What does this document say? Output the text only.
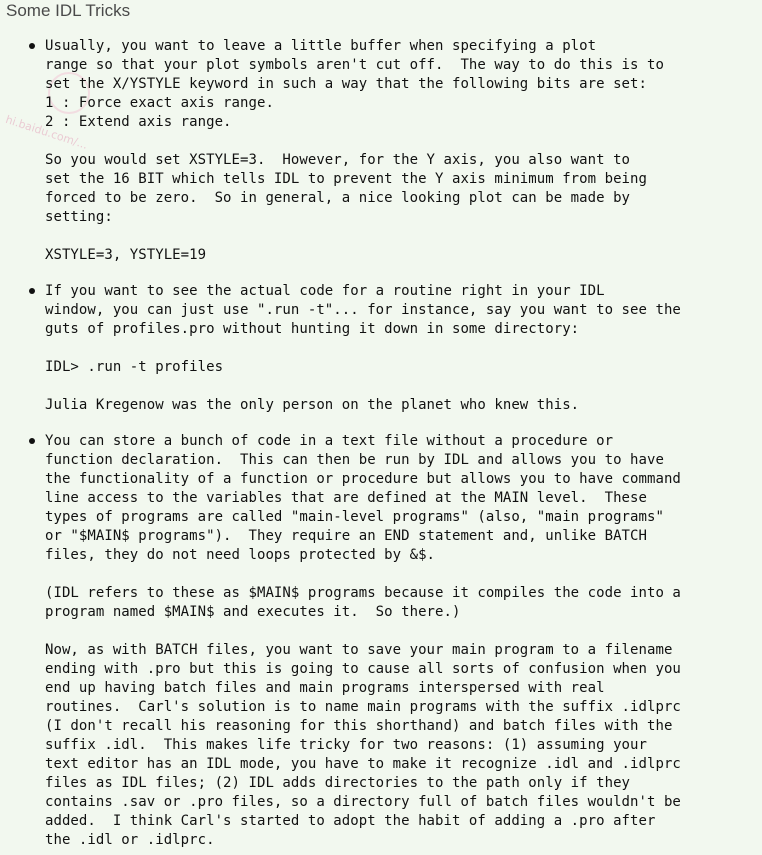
Some IDL Tricks
hi.baidu.com/...

Usually, you want to leave a little buffer when specifying a plot
range so that your plot symbols aren't cut off.  The way to do this is to
set the X/YSTYLE keyword in such a way that the following bits are set:
1 : Force exact axis range.
2 : Extend axis range.

So you would set XSTYLE=3.  However, for the Y axis, you also want to
set the 16 BIT which tells IDL to prevent the Y axis minimum from being
forced to be zero.  So in general, a nice looking plot can be made by
setting:

XSTYLE=3, YSTYLE=19

If you want to see the actual code for a routine right in your IDL
window, you can just use ".run -t"... for instance, say you want to see the
guts of profiles.pro without hunting it down in some directory:

IDL> .run -t profiles

Julia Kregenow was the only person on the planet who knew this.

You can store a bunch of code in a text file without a procedure or
function declaration.  This can then be run by IDL and allows you to have
the functionality of a function or procedure but allows you to have command
line access to the variables that are defined at the MAIN level.  These
types of programs are called "main-level programs" (also, "main programs"
or "$MAIN$ programs").  They require an END statement and, unlike BATCH
files, they do not need loops protected by &$.

(IDL refers to these as $MAIN$ programs because it compiles the code into a
program named $MAIN$ and executes it.  So there.)

Now, as with BATCH files, you want to save your main program to a filename
ending with .pro but this is going to cause all sorts of confusion when you
end up having batch files and main programs interspersed with real
routines.  Carl's solution is to name main programs with the suffix .idlprc
(I don't recall his reasoning for this shorthand) and batch files with the
suffix .idl.  This makes life tricky for two reasons: (1) assuming your
text editor has an IDL mode, you have to make it recognize .idl and .idlprc
files as IDL files; (2) IDL adds directories to the path only if they
contains .sav or .pro files, so a directory full of batch files wouldn't be
added.  I think Carl's started to adopt the habit of adding a .pro after
the .idl or .idlprc.
